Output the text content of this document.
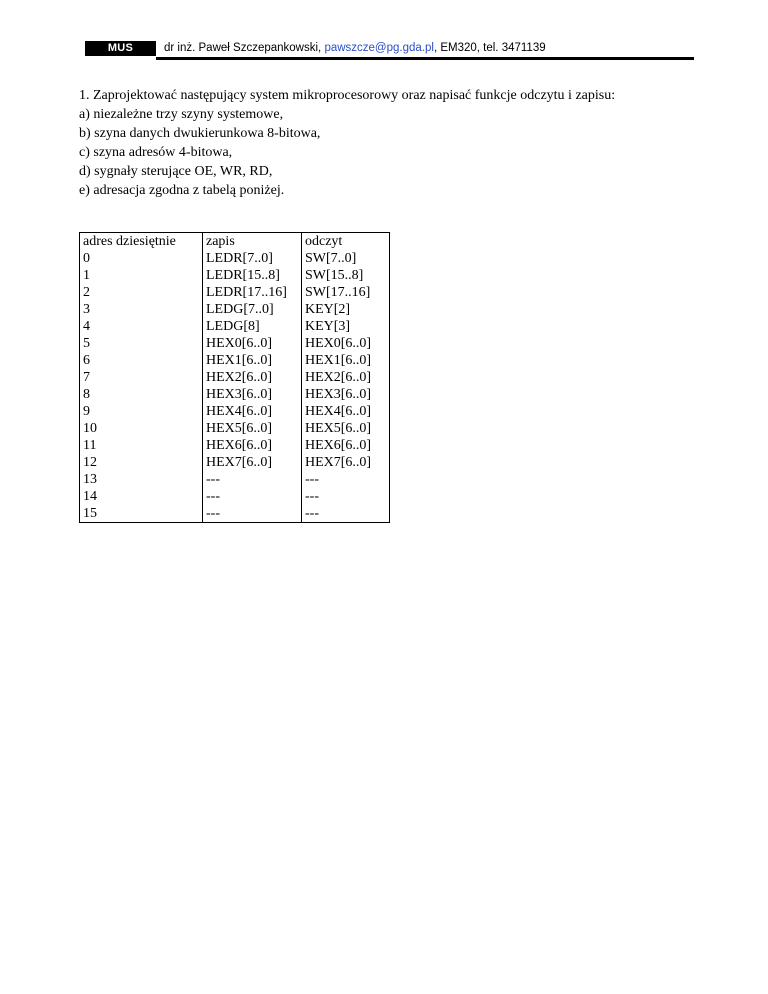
MUS	dr inż. Paweł Szczepankowski, pawszcze@pg.gda.pl, EM320, tel. 3471139

1. Zaprojektować następujący system mikroprocesorowy oraz napisać funkcje odczytu i zapisu:

a) niezależne trzy szyny systemowe,

b) szyna danych dwukierunkowa 8-bitowa,

c) szyna adresów 4-bitowa,

d) sygnały sterujące OE, WR, RD,

e) adresacja zgodna z tabelą poniżej.

adres dziesiętnie	zapis	odczyt
0	LEDR[7..0]	SW[7..0]
1	LEDR[15..8]	SW[15..8]
2	LEDR[17..16]	SW[17..16]
3	LEDG[7..0]	KEY[2]
4	LEDG[8]	KEY[3]
5	HEX0[6..0]	HEX0[6..0]
6	HEX1[6..0]	HEX1[6..0]
7	HEX2[6..0]	HEX2[6..0]
8	HEX3[6..0]	HEX3[6..0]
9	HEX4[6..0]	HEX4[6..0]
10	HEX5[6..0]	HEX5[6..0]
11	HEX6[6..0]	HEX6[6..0]
12	HEX7[6..0]	HEX7[6..0]
13	---	---
14	---	---
15	---	---
